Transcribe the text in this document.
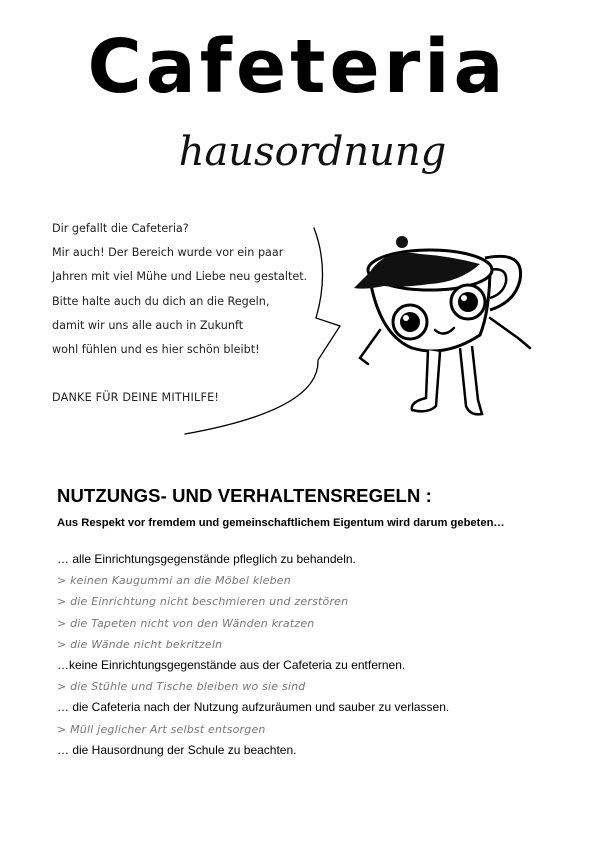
Cafeteria
hausordnung
Dir gefallt die Cafeteria?
Mir auch! Der Bereich wurde vor ein paar
Jahren mit viel Mühe und Liebe neu gestaltet.
Bitte halte auch du dich an die Regeln,
damit wir uns alle auch in Zukunft
wohl fühlen und es hier schön bleibt!
DANKE FÜR DEINE MITHILFE!
NUTZUNGS- UND VERHALTENSREGELN :
Aus Respekt vor fremdem und gemeinschaftlichem Eigentum wird darum gebeten…
… alle Einrichtungsgegenstände pfleglich zu behandeln.
> keinen Kaugummi an die Möbel kleben
> die Einrichtung nicht beschmieren und zerstören
> die Tapeten nicht von den Wänden kratzen
> die Wände nicht bekritzeln
…keine Einrichtungsgegenstände aus der Cafeteria zu entfernen.
> die Stühle und Tische bleiben wo sie sind
… die Cafeteria nach der Nutzung aufzuräumen und sauber zu verlassen.
> Müll jeglicher Art selbst entsorgen
… die Hausordnung der Schule zu beachten.
